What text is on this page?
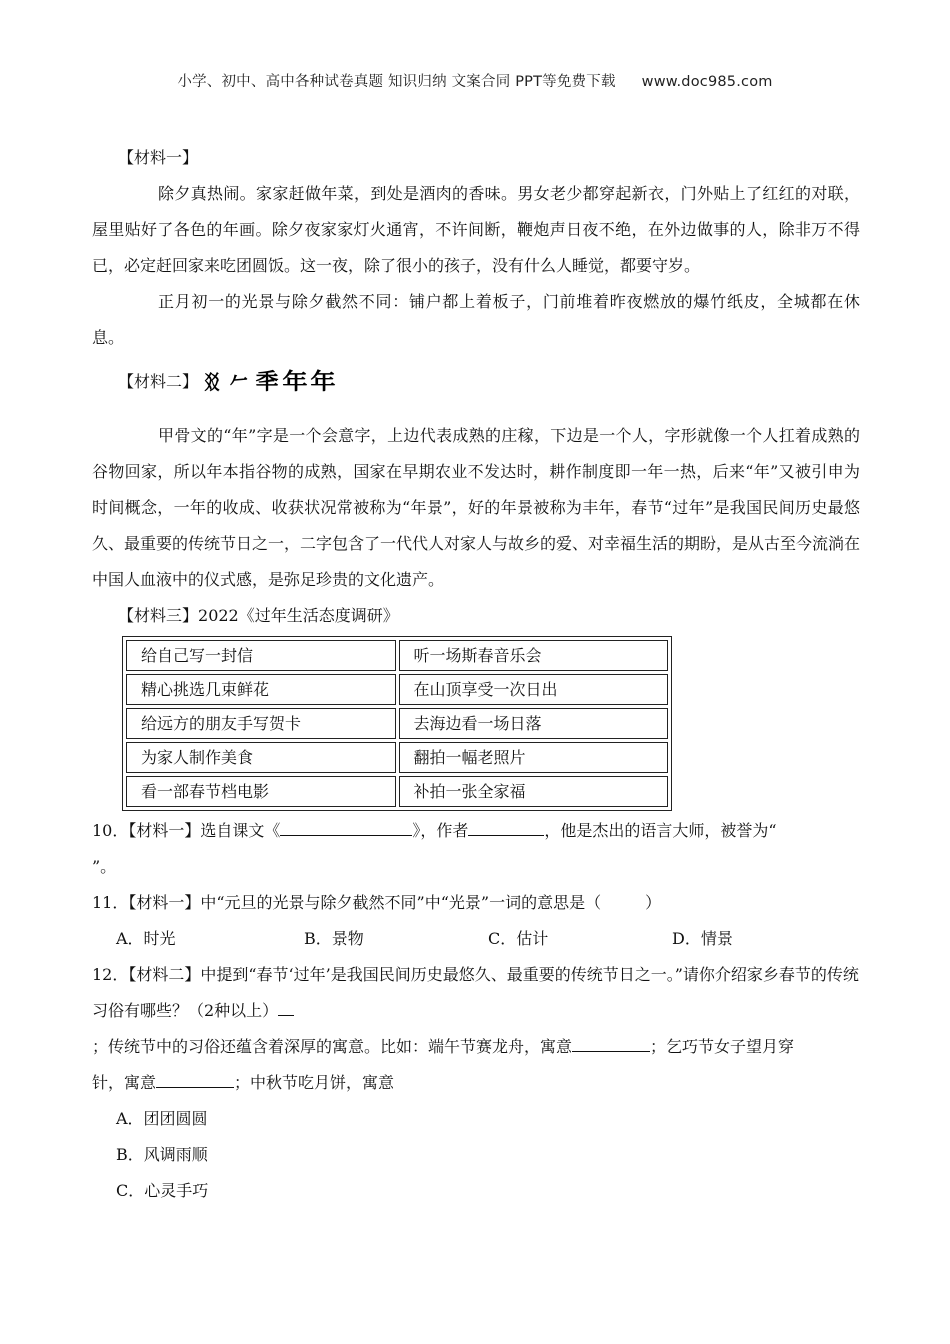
小学、初中、高中各种试卷真题 知识归纳 文案合同 PPT等免费下载 www.doc985.com
【材料一】

除夕真热闹。家家赶做年菜，到处是酒肉的香味。男女老少都穿起新衣，门外贴上了红红的对联，屋里贴好了各色的年画。除夕夜家家灯火通宵，不许间断，鞭炮声日夜不绝，在外边做事的人，除非万不得已，必定赶回家来吃团圆饭。这一夜，除了很小的孩子，没有什么人睡觉，都要守岁。

正月初一的光景与除夕截然不同：铺户都上着板子，门前堆着昨夜燃放的爆竹纸皮，全城都在休息。

【材料二】 㸚 𠂉 秊 年 年

甲骨文的“年”字是一个会意字，上边代表成熟的庄稼，下边是一个人，字形就像一个人扛着成熟的谷物回家，所以年本指谷物的成熟，国家在早期农业不发达时，耕作制度即一年一热，后来“年”又被引申为时间概念，一年的收成、收获状况常被称为“年景”，好的年景被称为丰年，春节“过年”是我国民间历史最悠久、最重要的传统节日之一，二字包含了一代代人对家人与故乡的爱、对幸福生活的期盼，是从古至今流淌在中国人血液中的仪式感，是弥足珍贵的文化遗产。

【材料三】2022《过年生活态度调研》
给自己写一封信	听一场斯春音乐会
精心挑选几束鲜花	在山顶享受一次日出
给远方的朋友手写贺卡	去海边看一场日落
为家人制作美食	翻拍一幅老照片
看一部春节档电影	补拍一张全家福

10．【材料一】选自课文《	》，作者	，他是杰出的语言大师，被誉为“
”。

11．【材料一】中“元旦的光景与除夕截然不同”中“光景”一词的意思是（	）

A．时光	B．景物	C．估计	D．情景

12．【材料二】中提到“春节‘过年’是我国民间历史最悠久、最重要的传统节日之一。”请你介绍家乡春节的传统习俗有哪些？（2种以上）
；传统节中的习俗还蕴含着深厚的寓意。比如：端午节赛龙舟，寓意	；乞巧节女子望月穿
针，寓意	；中秋节吃月饼，寓意

A．团团圆圆
B．风调雨顺
C．心灵手巧
